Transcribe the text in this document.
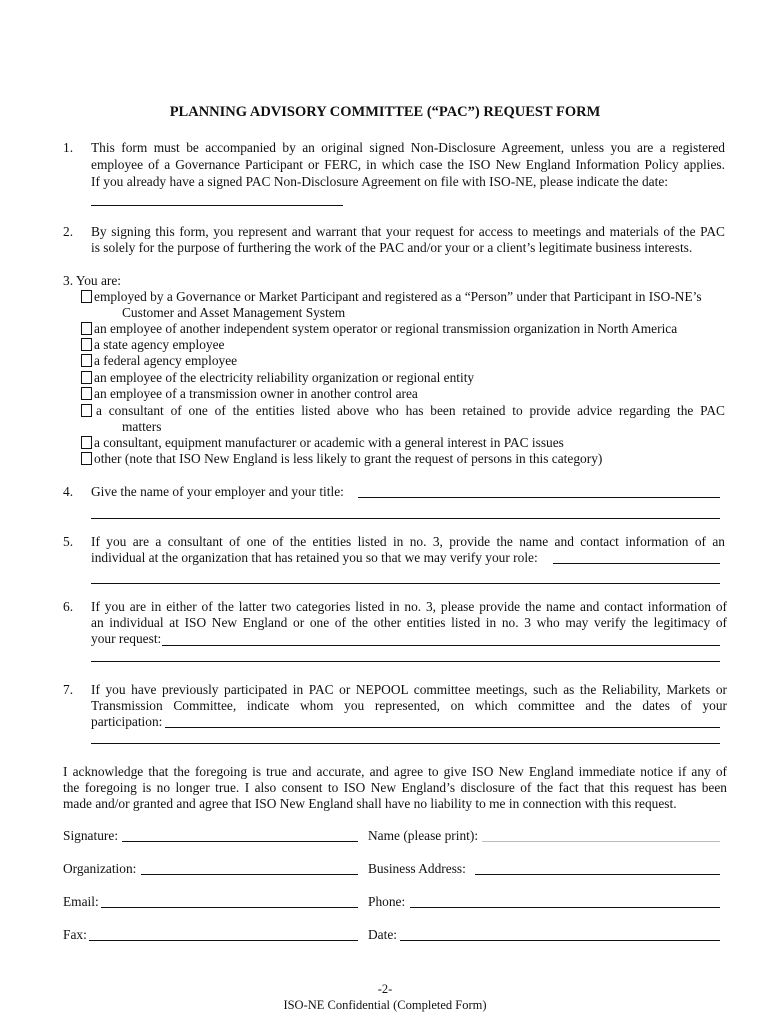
PLANNING ADVISORY COMMITTEE (“PAC”) REQUEST FORM
1. This form must be accompanied by an original signed Non-Disclosure Agreement, unless you are a registered
employee of a Governance Participant or FERC, in which case the ISO New England Information Policy applies.
If you already have a signed PAC Non-Disclosure Agreement on file with ISO-NE, please indicate the date:
2. By signing this form, you represent and warrant that your request for access to meetings and materials of the PAC
is solely for the purpose of furthering the work of the PAC and/or your or a client’s legitimate business interests.
3. You are:
employed by a Governance or Market Participant and registered as a “Person” under that Participant in ISO-NE’s
Customer and Asset Management System
an employee of another independent system operator or regional transmission organization in North America
a state agency employee
a federal agency employee
an employee of the electricity reliability organization or regional entity
an employee of a transmission owner in another control area
a consultant of one of the entities listed above who has been retained to provide advice regarding the PAC
matters
a consultant, equipment manufacturer or academic with a general interest in PAC issues
other (note that ISO New England is less likely to grant the request of persons in this category)
4. Give the name of your employer and your title:
5. If you are a consultant of one of the entities listed in no. 3, provide the name and contact information of an
individual at the organization that has retained you so that we may verify your role:
6. If you are in either of the latter two categories listed in no. 3, please provide the name and contact information of
an individual at ISO New England or one of the other entities listed in no. 3 who may verify the legitimacy of
your request:
7. If you have previously participated in PAC or NEPOOL committee meetings, such as the Reliability, Markets or
Transmission Committee, indicate whom you represented, on which committee and the dates of your
participation:
I acknowledge that the foregoing is true and accurate, and agree to give ISO New England immediate notice if any of
the foregoing is no longer true. I also consent to ISO New England’s disclosure of the fact that this request has been
made and/or granted and agree that ISO New England shall have no liability to me in connection with this request.
Signature:	Name (please print):
Organization:	Business Address:
Email:	Phone:
Fax:	Date:
-2-
ISO-NE Confidential (Completed Form)
